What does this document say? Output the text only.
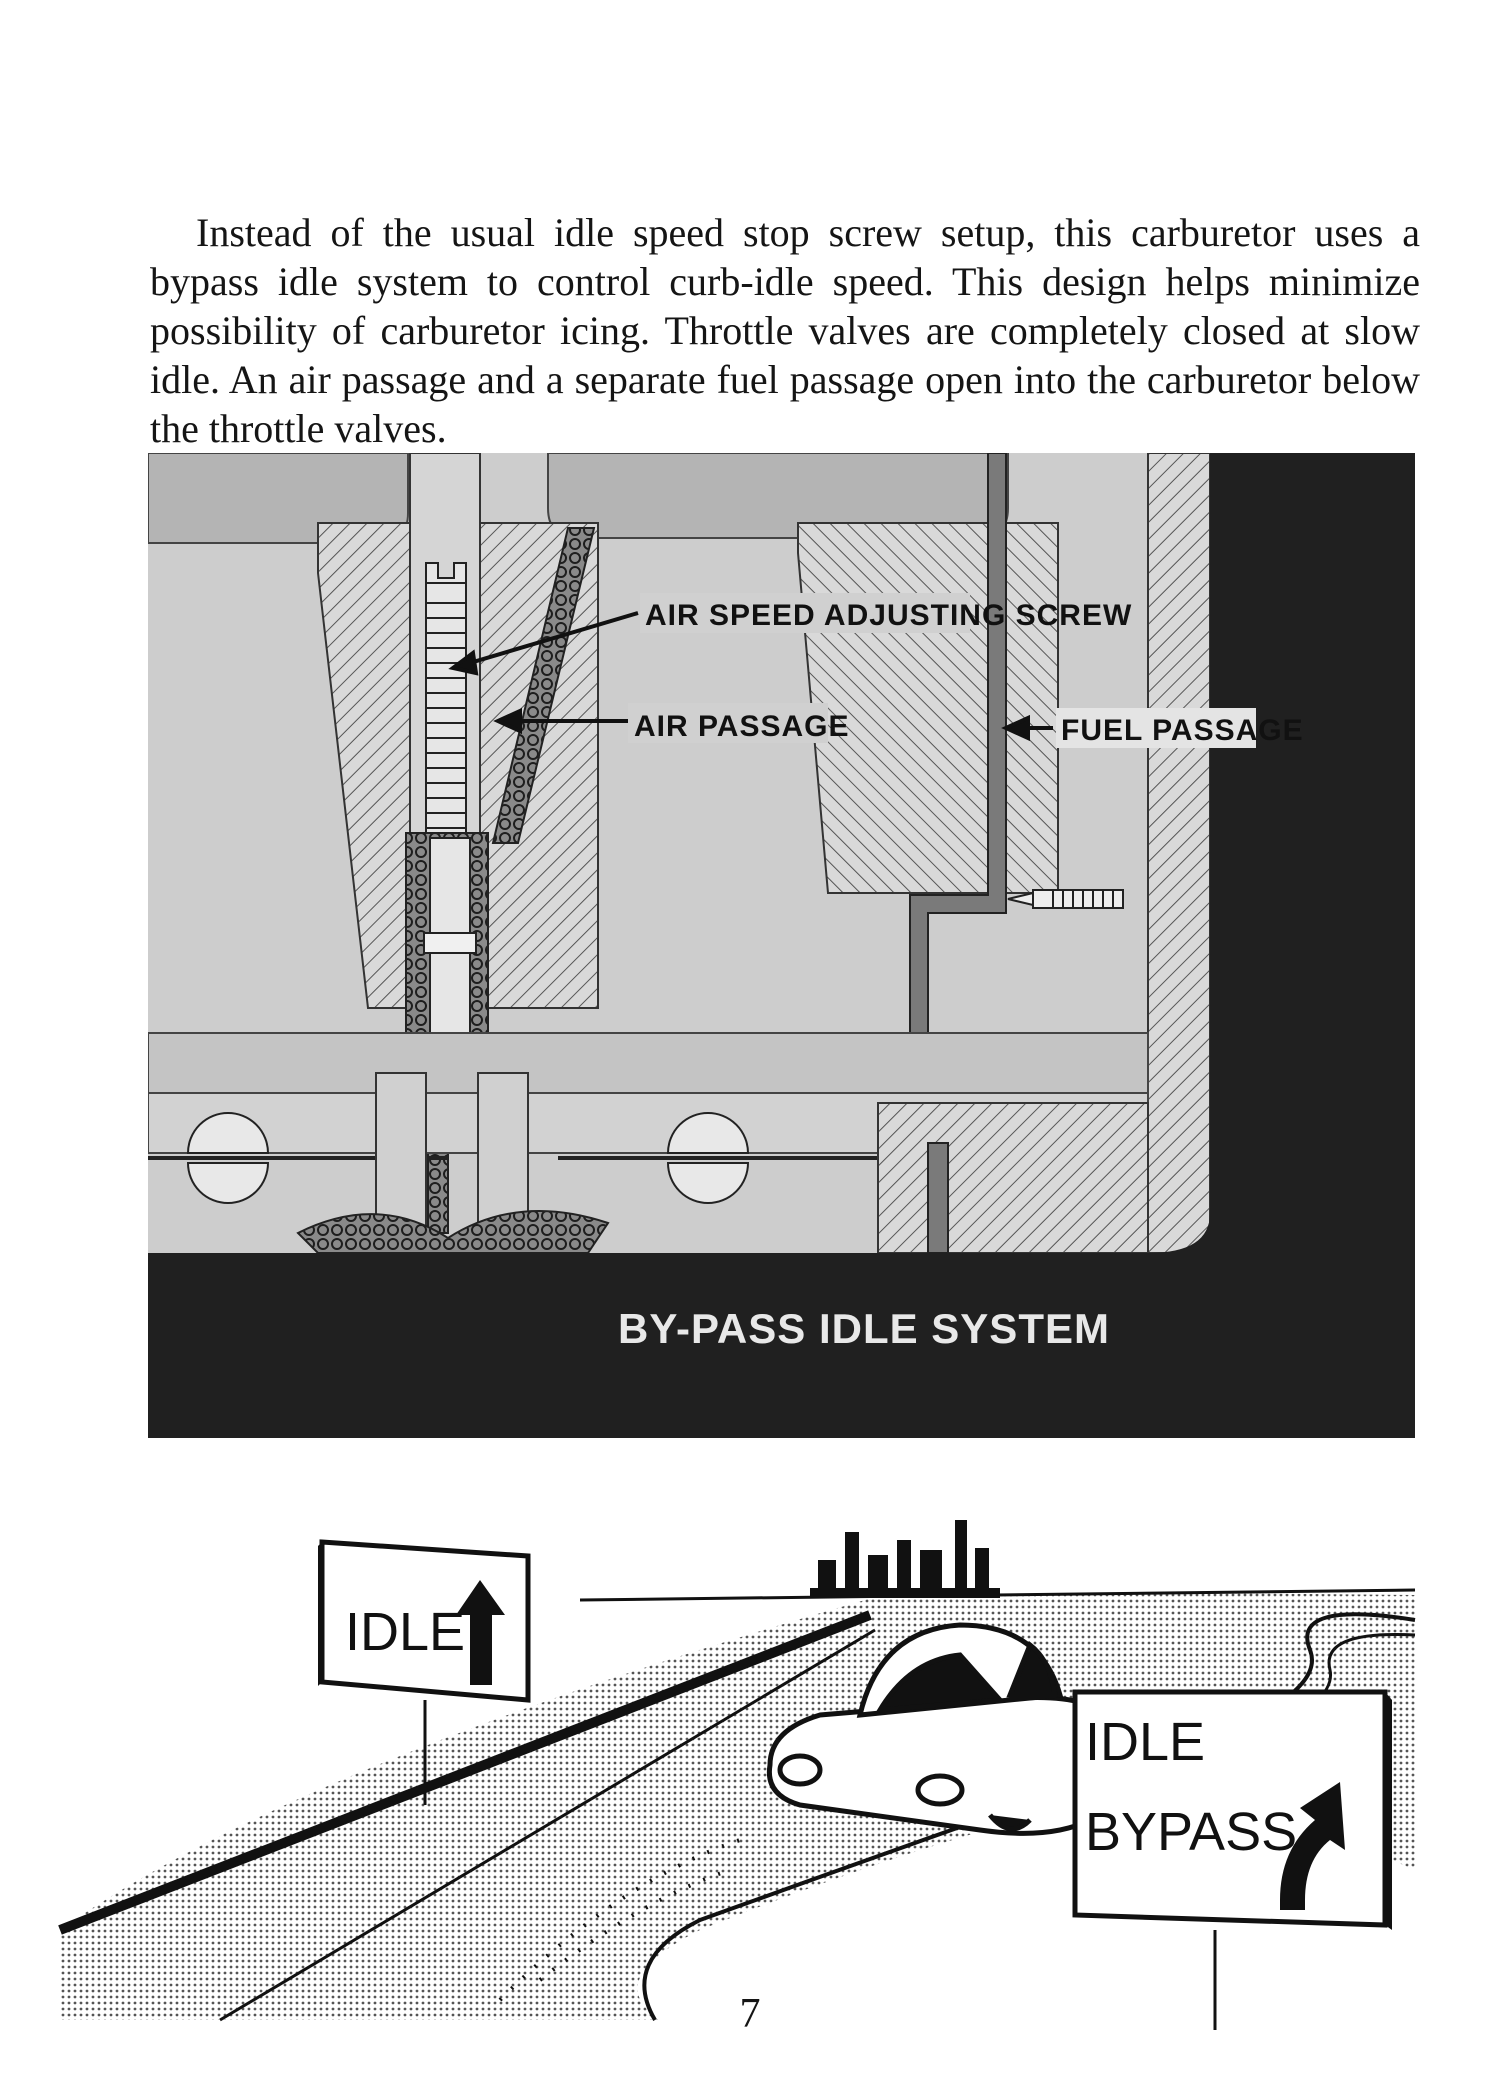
Instead of the usual idle speed stop screw setup, this carburetor uses a bypass idle system to control curb-idle speed. This design helps minimize possibility of carburetor icing. Throttle valves are completely closed at slow idle. An air passage and a separate fuel passage open into the carburetor below the throttle valves.

AIR SPEED ADJUSTING SCREW
AIR PASSAGE	FUEL PASSAGE
BY-PASS IDLE SYSTEM
IDLE
IDLE
BYPASS
7
